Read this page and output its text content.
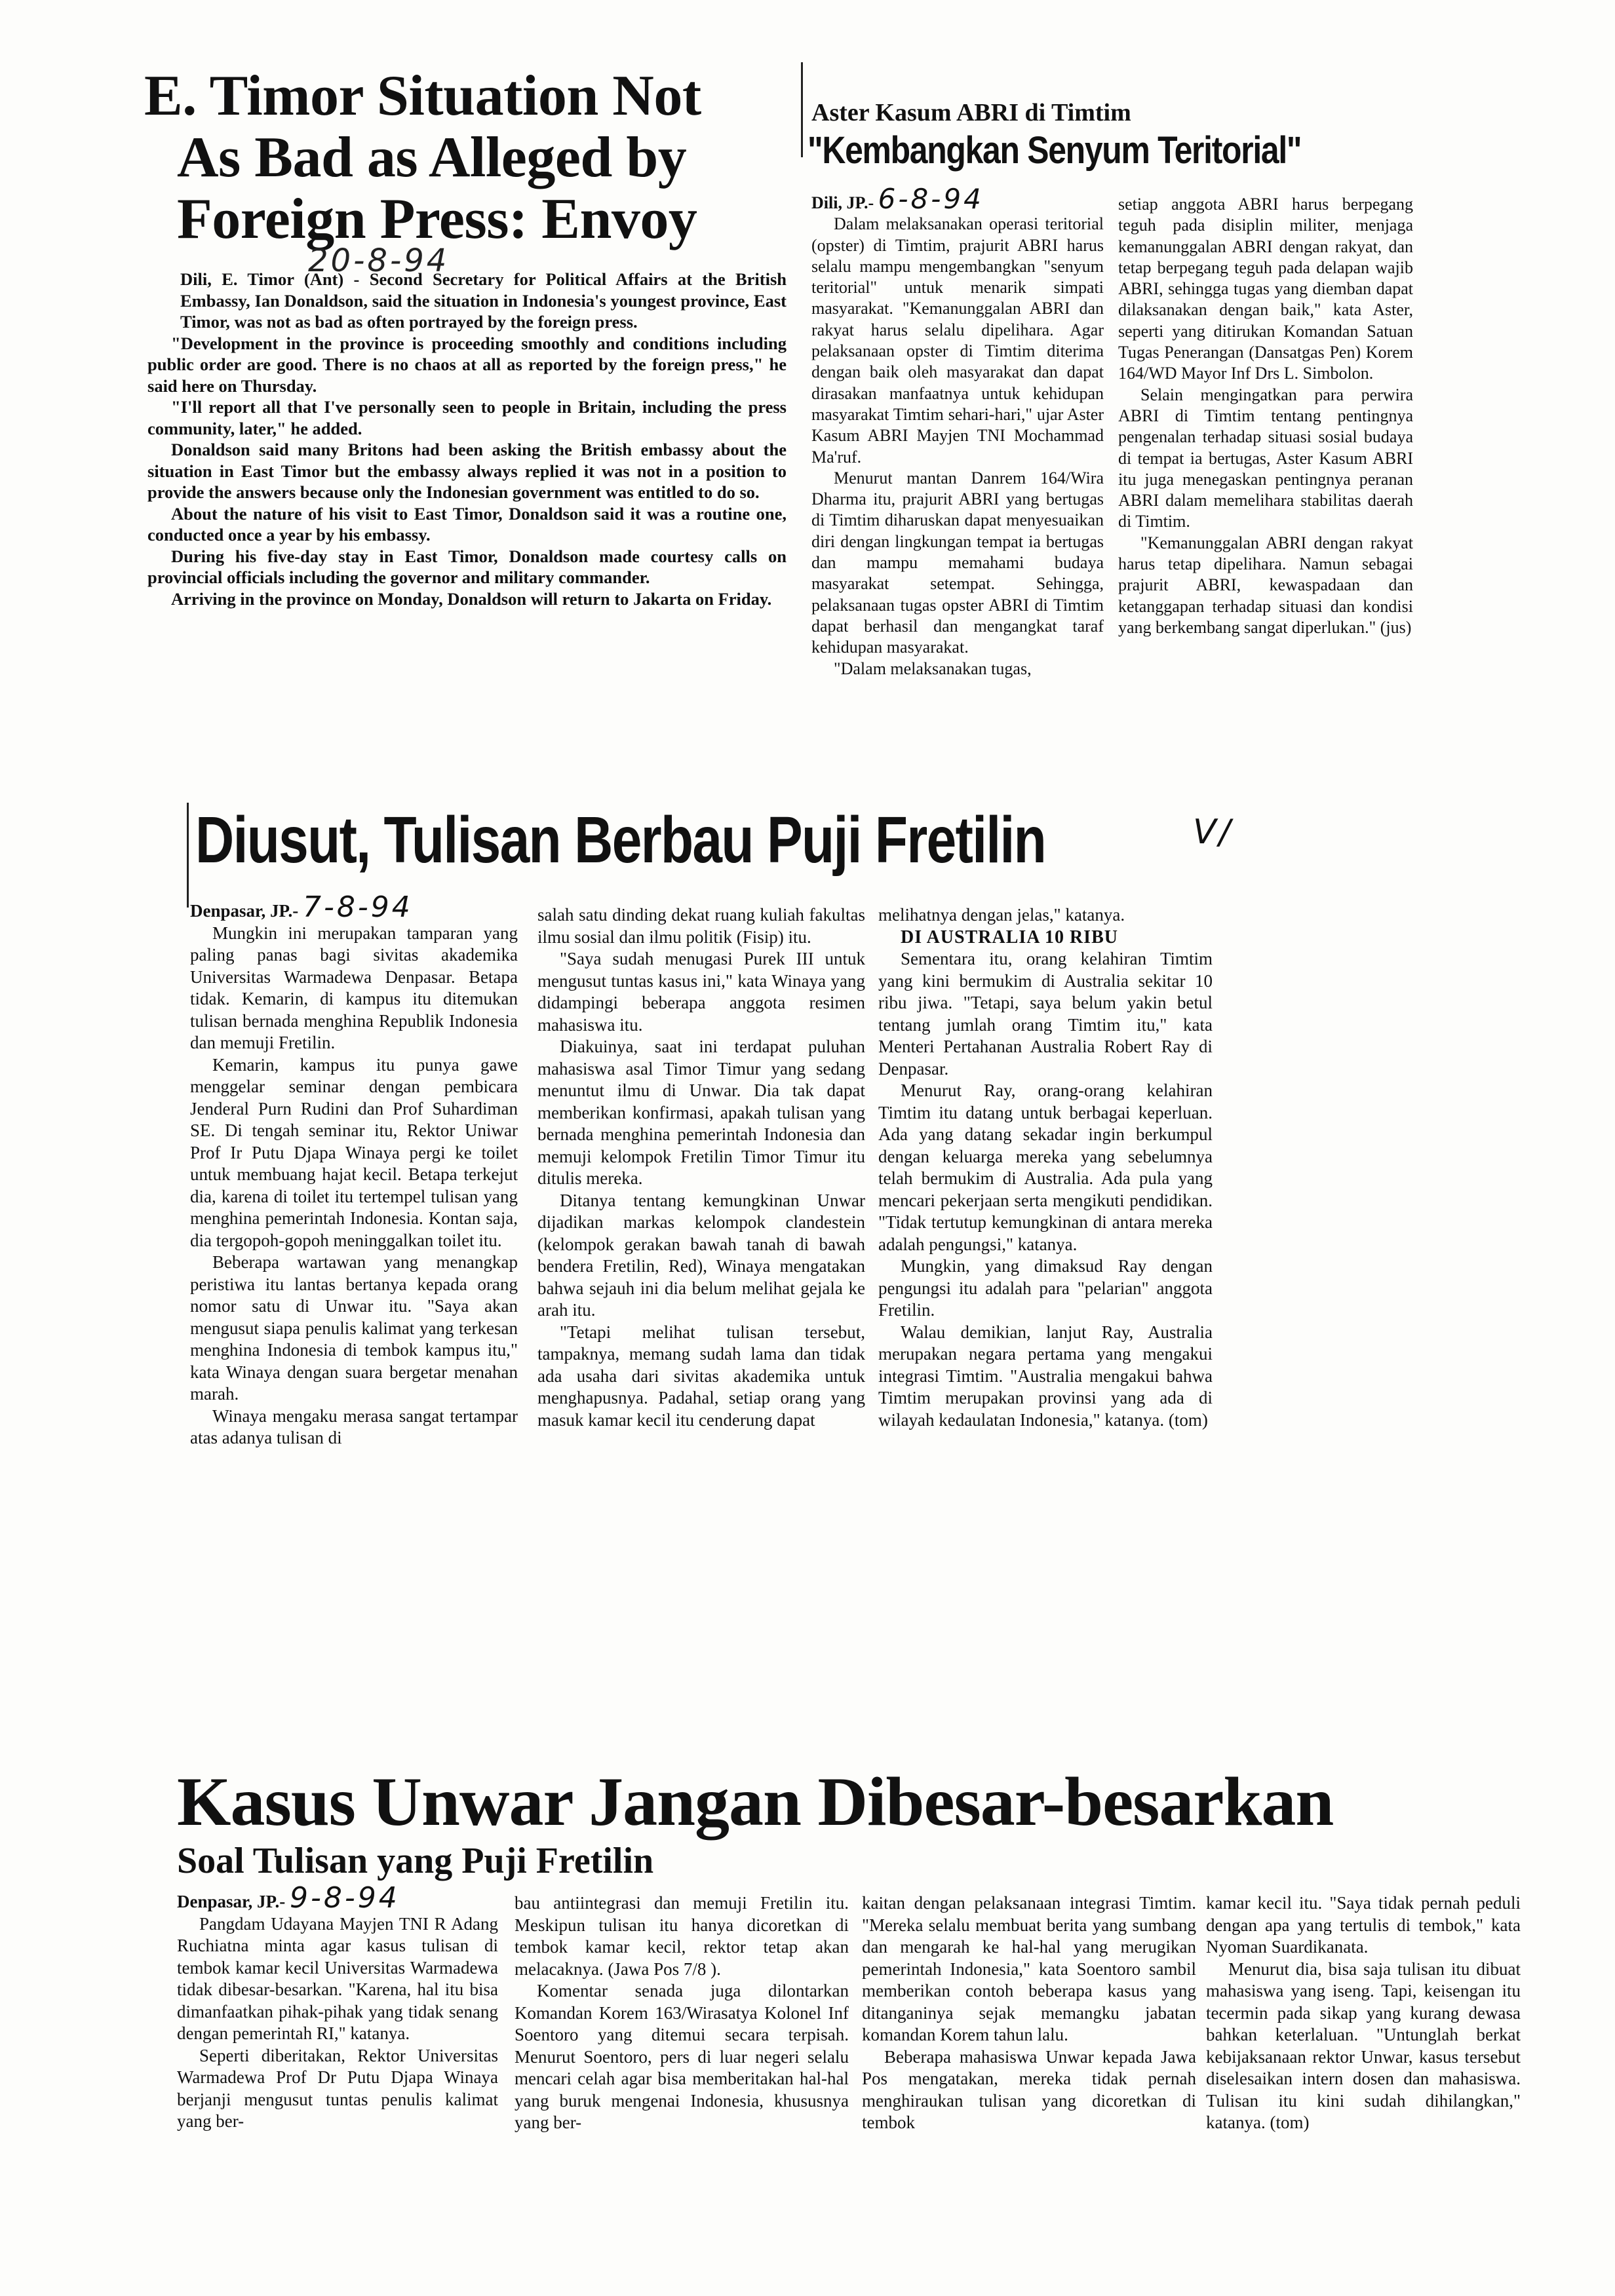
E. Timor Situation Not
As Bad as Alleged by
Foreign Press: Envoy
20-8-94

Dili, E. Timor (Ant) - Second Secretary for Political Affairs at the British Embassy, Ian Donaldson, said the situation in Indonesia's youngest province, East Timor, was not as bad as often portrayed by the foreign press.

"Development in the province is proceeding smoothly and conditions including public order are good. There is no chaos at all as reported by the foreign press," he said here on Thursday.

"I'll report all that I've personally seen to people in Britain, including the press community, later," he added.

Donaldson said many Britons had been asking the British embassy about the situation in East Timor but the embassy always replied it was not in a position to provide the answers because only the Indonesian government was entitled to do so.

About the nature of his visit to East Timor, Donaldson said it was a routine one, conducted once a year by his embassy.

During his five-day stay in East Timor, Donaldson made courtesy calls on provincial officials including the governor and military commander.

Arriving in the province on Monday, Donaldson will return to Jakarta on Friday.

Aster Kasum ABRI di Timtim
"Kembangkan Senyum Teritorial"

Dili, JP.- 6-8-94

Dalam melaksanakan operasi teritorial (opster) di Timtim, prajurit ABRI harus selalu mampu mengembangkan "senyum teritorial" untuk menarik simpati masyarakat. "Kemanunggalan ABRI dan rakyat harus selalu dipelihara. Agar pelaksanaan opster di Timtim diterima dengan baik oleh masyarakat dan dapat dirasakan manfaatnya untuk kehidupan masyarakat Timtim sehari-hari," ujar Aster Kasum ABRI Mayjen TNI Mochammad Ma'ruf.

Menurut mantan Danrem 164/Wira Dharma itu, prajurit ABRI yang bertugas di Timtim diharuskan dapat menyesuaikan diri dengan lingkungan tempat ia bertugas dan mampu memahami budaya masyarakat setempat. Sehingga, pelaksanaan tugas opster ABRI di Timtim dapat berhasil dan mengangkat taraf kehidupan masyarakat.

"Dalam melaksanakan tugas,

setiap anggota ABRI harus berpegang teguh pada disiplin militer, menjaga kemanunggalan ABRI dengan rakyat, dan tetap berpegang teguh pada delapan wajib ABRI, sehingga tugas yang diemban dapat dilaksanakan dengan baik," kata Aster, seperti yang ditirukan Komandan Satuan Tugas Penerangan (Dansatgas Pen) Korem 164/WD Mayor Inf Drs L. Simbolon.

Selain mengingatkan para perwira ABRI di Timtim tentang pentingnya pengenalan terhadap situasi sosial budaya di tempat ia bertugas, Aster Kasum ABRI itu juga menegaskan pentingnya peranan ABRI dalam memelihara stabilitas daerah di Timtim.

"Kemanunggalan ABRI dengan rakyat harus tetap dipelihara. Namun sebagai prajurit ABRI, kewaspadaan dan ketanggapan terhadap situasi dan kondisi yang berkembang sangat diperlukan." (jus)

Diusut, Tulisan Berbau Puji Fretilin	V/

Denpasar, JP.- 7-8-94

Mungkin ini merupakan tamparan yang paling panas bagi sivitas akademika Universitas Warmadewa Denpasar. Betapa tidak. Kemarin, di kampus itu ditemukan tulisan bernada menghina Republik Indonesia dan memuji Fretilin.

Kemarin, kampus itu punya gawe menggelar seminar dengan pembicara Jenderal Purn Rudini dan Prof Suhardiman SE. Di tengah seminar itu, Rektor Uniwar Prof Ir Putu Djapa Winaya pergi ke toilet untuk membuang hajat kecil. Betapa terkejut dia, karena di toilet itu tertempel tulisan yang menghina pemerintah Indonesia. Kontan saja, dia tergopoh-gopoh meninggalkan toilet itu.

Beberapa wartawan yang menangkap peristiwa itu lantas bertanya kepada orang nomor satu di Unwar itu. "Saya akan mengusut siapa penulis kalimat yang terkesan menghina Indonesia di tembok kampus itu," kata Winaya dengan suara bergetar menahan marah.

Winaya mengaku merasa sangat tertampar atas adanya tulisan di

salah satu dinding dekat ruang kuliah fakultas ilmu sosial dan ilmu politik (Fisip) itu.

"Saya sudah menugasi Purek III untuk mengusut tuntas kasus ini," kata Winaya yang didampingi beberapa anggota resimen mahasiswa itu.

Diakuinya, saat ini terdapat puluhan mahasiswa asal Timor Timur yang sedang menuntut ilmu di Unwar. Dia tak dapat memberikan konfirmasi, apakah tulisan yang bernada menghina pemerintah Indonesia dan memuji kelompok Fretilin Timor Timur itu ditulis mereka.

Ditanya tentang kemungkinan Unwar dijadikan markas kelompok clandestein (kelompok gerakan bawah tanah di bawah bendera Fretilin, Red), Winaya mengatakan bahwa sejauh ini dia belum melihat gejala ke arah itu.

"Tetapi melihat tulisan tersebut, tampaknya, memang sudah lama dan tidak ada usaha dari sivitas akademika untuk menghapusnya. Padahal, setiap orang yang masuk kamar kecil itu cenderung dapat

melihatnya dengan jelas," katanya.

DI AUSTRALIA 10 RIBU

Sementara itu, orang kelahiran Timtim yang kini bermukim di Australia sekitar 10 ribu jiwa. "Tetapi, saya belum yakin betul tentang jumlah orang Timtim itu," kata Menteri Pertahanan Australia Robert Ray di Denpasar.

Menurut Ray, orang-orang kelahiran Timtim itu datang untuk berbagai keperluan. Ada yang datang sekadar ingin berkumpul dengan keluarga mereka yang sebelumnya telah bermukim di Australia. Ada pula yang mencari pekerjaan serta mengikuti pendidikan. "Tidak tertutup kemungkinan di antara mereka adalah pengungsi," katanya.

Mungkin, yang dimaksud Ray dengan pengungsi itu adalah para "pelarian" anggota Fretilin.

Walau demikian, lanjut Ray, Australia merupakan negara pertama yang mengakui integrasi Timtim. "Australia mengakui bahwa Timtim merupakan provinsi yang ada di wilayah kedaulatan Indonesia," katanya. (tom)

Kasus Unwar Jangan Dibesar-besarkan
Soal Tulisan yang Puji Fretilin

Denpasar, JP.- 9-8-94

Pangdam Udayana Mayjen TNI R Adang Ruchiatna minta agar kasus tulisan di tembok kamar kecil Universitas Warmadewa tidak dibesar-besarkan. "Karena, hal itu bisa dimanfaatkan pihak-pihak yang tidak senang dengan pemerintah RI," katanya.

Seperti diberitakan, Rektor Universitas Warmadewa Prof Dr Putu Djapa Winaya berjanji mengusut tuntas penulis kalimat yang ber-

bau antiintegrasi dan memuji Fretilin itu. Meskipun tulisan itu hanya dicoretkan di tembok kamar kecil, rektor tetap akan melacaknya. (Jawa Pos 7/8 ).

Komentar senada juga dilontarkan Komandan Korem 163/Wirasatya Kolonel Inf Soentoro yang ditemui secara terpisah. Menurut Soentoro, pers di luar negeri selalu mencari celah agar bisa memberitakan hal-hal yang buruk mengenai Indonesia, khususnya yang ber-

kaitan dengan pelaksanaan integrasi Timtim. "Mereka selalu membuat berita yang sumbang dan mengarah ke hal-hal yang merugikan pemerintah Indonesia," kata Soentoro sambil memberikan contoh beberapa kasus yang ditanganinya sejak memangku jabatan komandan Korem tahun lalu.

Beberapa mahasiswa Unwar kepada Jawa Pos mengatakan, mereka tidak pernah menghiraukan tulisan yang dicoretkan di tembok

kamar kecil itu. "Saya tidak pernah peduli dengan apa yang tertulis di tembok," kata Nyoman Suardikanata.

Menurut dia, bisa saja tulisan itu dibuat mahasiswa yang iseng. Tapi, keisengan itu tecermin pada sikap yang kurang dewasa bahkan keterlaluan. "Untunglah berkat kebijaksanaan rektor Unwar, kasus tersebut diselesaikan intern dosen dan mahasiswa. Tulisan itu kini sudah dihilangkan," katanya. (tom)
